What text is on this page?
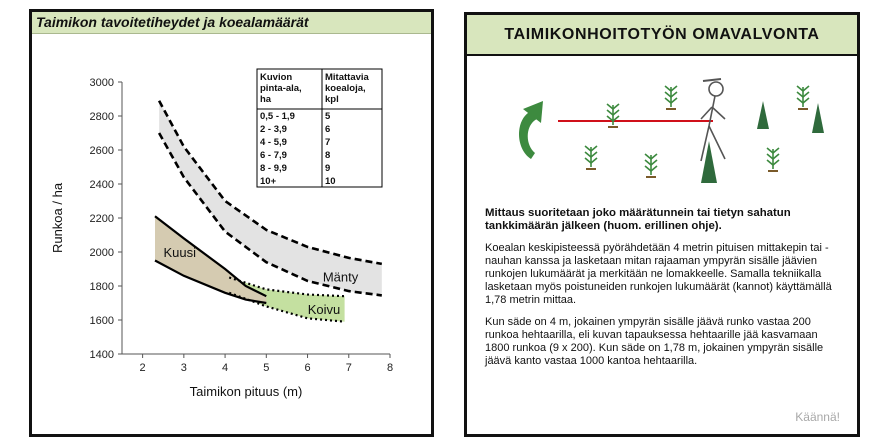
Taimikon tavoitetiheydet ja koealamäärät
Mänty
Kuusi
Koivu
1400
1600
1800
2000
2200
2400
2600
2800
3000
2	3	4	5	6	7	8
Taimikon pituus (m)
Runkoa / ha
Kuvion pinta-ala, ha
Mitattavia koealoja, kpl
0,5 - 1,9	5
2 - 3,9	6
4 - 5,9	7
6 - 7,9	8
8 - 9,9	9
10+	10
TAIMIKONHOITOTYÖN OMAVALVONTA

Mittaus suoritetaan joko määrätunnein tai tietyn sahatun tankkimäärän jälkeen (huom. erillinen ohje).

Koealan keskipisteessä pyörähdetään 4 metrin pituisen mittakepin tai -nauhan kanssa ja lasketaan mitan rajaaman ympyrän sisälle jäävien runkojen lukumäärät ja merkitään ne lomakkeelle. Samalla tekniikalla lasketaan myös poistuneiden runkojen lukumäärät (kannot) käyttämällä 1,78 metrin mittaa.

Kun säde on 4 m, jokainen ympyrän sisälle jäävä runko vastaa 200 runkoa hehtaarilla, eli kuvan tapauksessa hehtaarille jää kasvamaan 1800 runkoa (9 x 200). Kun säde on 1,78 m, jokainen ympyrän sisälle jäävä kanto vastaa 1000 kantoa hehtaarilla.

Käännä!
